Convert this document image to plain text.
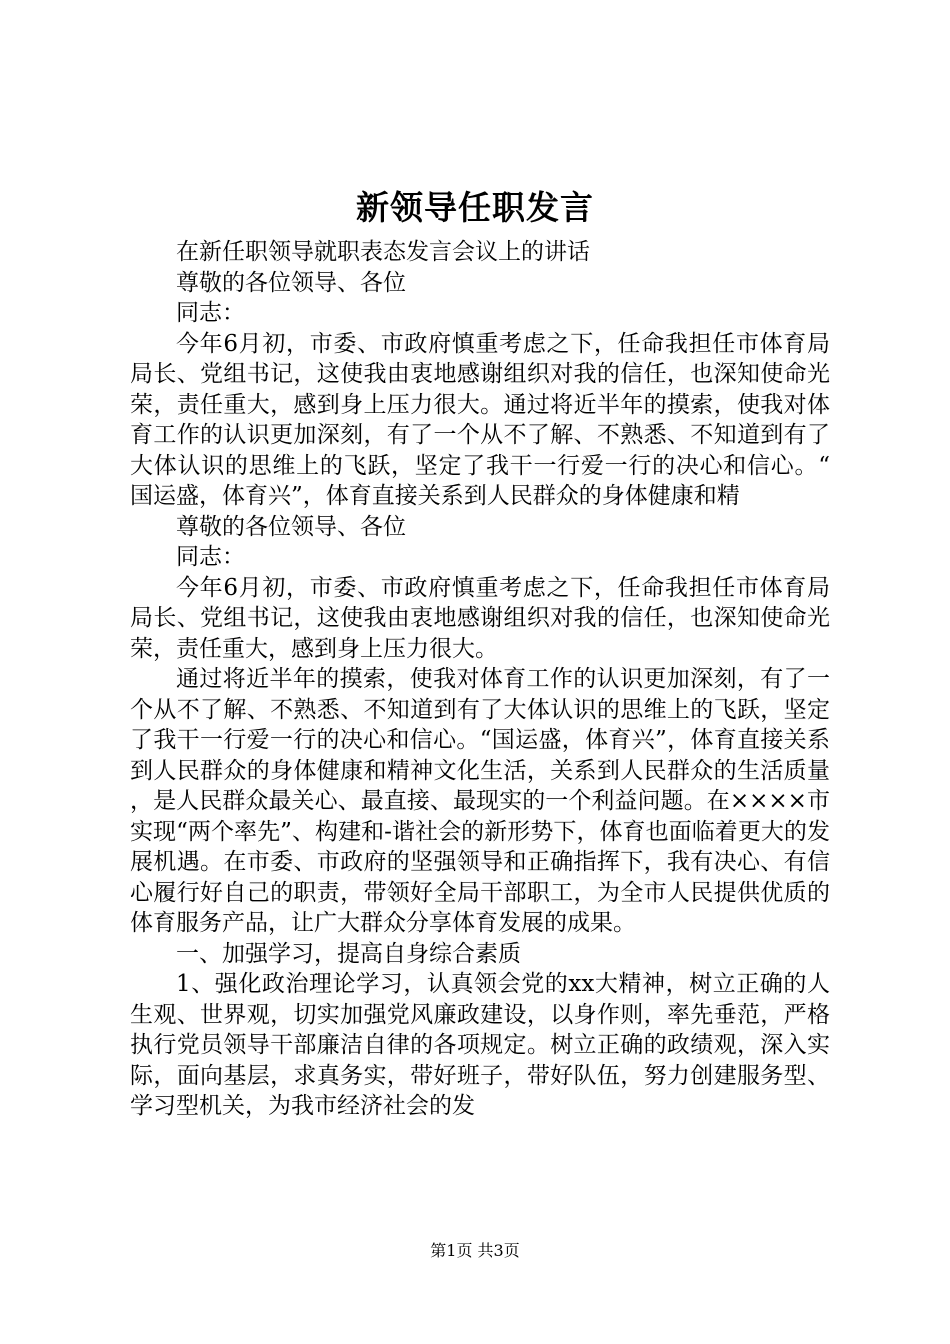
新领导任职发言

在新任职领导就职表态发言会议上的讲话

尊敬的各位领导、各位

同志：

今年6月初，市委、市政府慎重考虑之下，任命我担任市体育局局长、党组书记，这使我由衷地感谢组织对我的信任，也深知使命光荣，责任重大，感到身上压力很大。通过将近半年的摸索，使我对体育工作的认识更加深刻，有了一个从不了解、不熟悉、不知道到有了大体认识的思维上的飞跃，坚定了我干一行爱一行的决心和信心。“国运盛，体育兴”，体育直接关系到人民群众的身体健康和精

尊敬的各位领导、各位

同志：

今年6月初，市委、市政府慎重考虑之下，任命我担任市体育局局长、党组书记，这使我由衷地感谢组织对我的信任，也深知使命光荣，责任重大，感到身上压力很大。

通过将近半年的摸索，使我对体育工作的认识更加深刻，有了一个从不了解、不熟悉、不知道到有了大体认识的思维上的飞跃，坚定了我干一行爱一行的决心和信心。“国运盛，体育兴”，体育直接关系到人民群众的身体健康和精神文化生活，关系到人民群众的生活质量，是人民群众最关心、最直接、最现实的一个利益问题。在××××市实现“两个率先”、构建和-谐社会的新形势下，体育也面临着更大的发展机遇。在市委、市政府的坚强领导和正确指挥下，我有决心、有信心履行好自己的职责，带领好全局干部职工，为全市人民提供优质的体育服务产品，让广大群众分享体育发展的成果。

一、加强学习，提高自身综合素质

1、强化政治理论学习，认真领会党的xx大精神，树立正确的人生观、世界观，切实加强党风廉政建设，以身作则，率先垂范，严格执行党员领导干部廉洁自律的各项规定。树立正确的政绩观，深入实际，面向基层，求真务实，带好班子，带好队伍，努力创建服务型、学习型机关，为我市经济社会的发

第1页 共3页
